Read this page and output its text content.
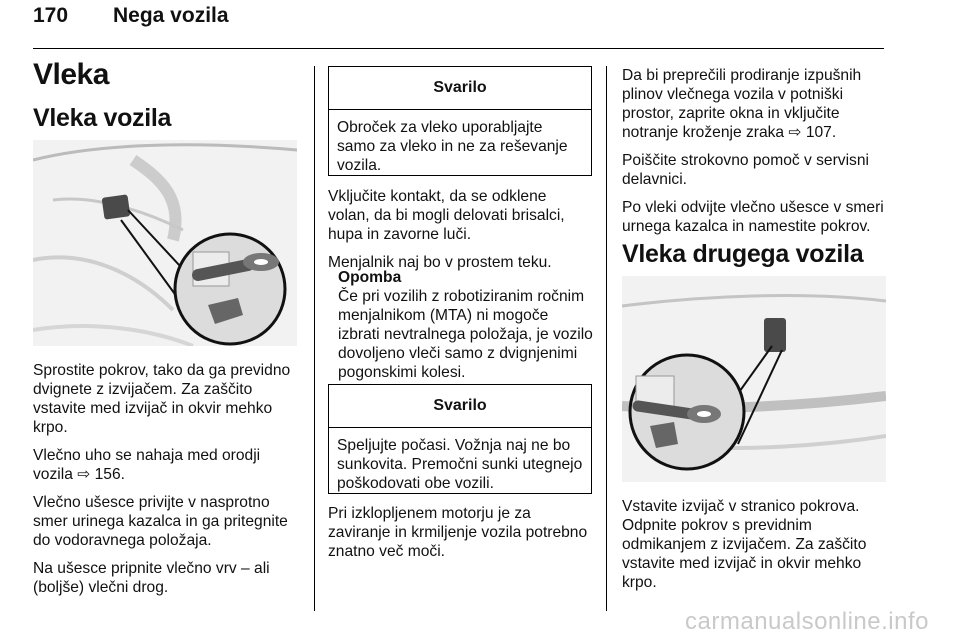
170 Nega vozila
Vleka
Vleka vozila
Sprostite pokrov, tako da ga previdno dvignete z izvijačem. Za zaščito vstavite med izvijač in okvir mehko krpo.
Vlečno uho se nahaja med orodji vozila ⇨ 156.
Vlečno ušesce privijte v nasprotno smer urinega kazalca in ga pritegnite do vodoravnega položaja.
Na ušesce pripnite vlečno vrv – ali (boljše) vlečni drog.
Svarilo
Obroček za vleko uporabljajte samo za vleko in ne za reševanje vozila.
Vključite kontakt, da se odklene volan, da bi mogli delovati brisalci, hupa in zavorne luči.
Menjalnik naj bo v prostem teku.
Opomba
Če pri vozilih z robotiziranim ročnim menjalnikom (MTA) ni mogoče izbrati nevtralnega položaja, je vozilo dovoljeno vleči samo z dvignjenimi pogonskimi kolesi.
Svarilo
Speljujte počasi. Vožnja naj ne bo sunkovita. Premočni sunki utegnejo poškodovati obe vozili.
Pri izklopljenem motorju je za zaviranje in krmiljenje vozila potrebno znatno več moči.
Da bi preprečili prodiranje izpušnih plinov vlečnega vozila v potniški prostor, zaprite okna in vključite notranje kroženje zraka ⇨ 107.
Poiščite strokovno pomoč v servisni delavnici.
Po vleki odvijte vlečno ušesce v smeri urnega kazalca in namestite pokrov.
Vleka drugega vozila
Vstavite izvijač v stranico pokrova. Odpnite pokrov s previdnim odmikanjem z izvijačem. Za zaščito vstavite med izvijač in okvir mehko krpo.
carmanualsonline.info
